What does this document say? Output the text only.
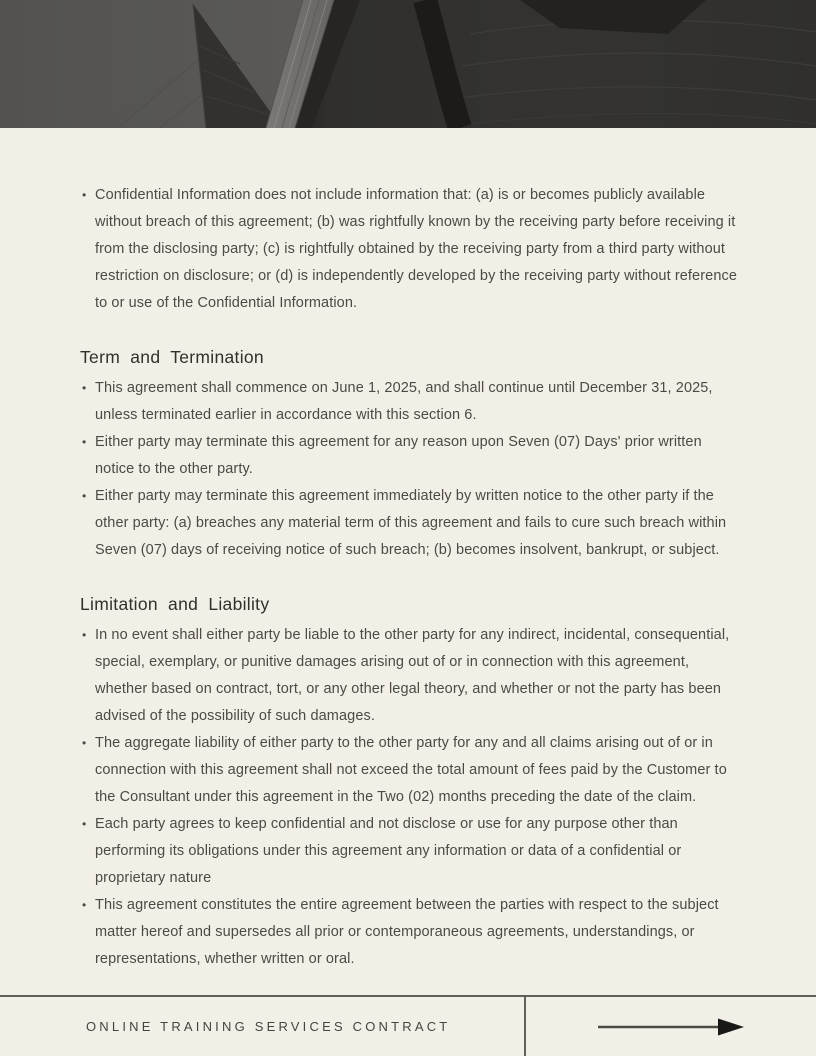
• Confidential Information does not include information that: (a) is or becomes publicly available without breach of this agreement; (b) was rightfully known by the receiving party before receiving it from the disclosing party; (c) is rightfully obtained by the receiving party from a third party without restriction on disclosure; or (d) is independently developed by the receiving party without reference to or use of the Confidential Information.
Term and Termination
• This agreement shall commence on June 1, 2025, and shall continue until December 31, 2025, unless terminated earlier in accordance with this section 6.
• Either party may terminate this agreement for any reason upon Seven (07) Days' prior written notice to the other party.
• Either party may terminate this agreement immediately by written notice to the other party if the other party: (a) breaches any material term of this agreement and fails to cure such breach within Seven (07) days of receiving notice of such breach; (b) becomes insolvent, bankrupt, or subject.
Limitation and Liability
• In no event shall either party be liable to the other party for any indirect, incidental, consequential, special, exemplary, or punitive damages arising out of or in connection with this agreement, whether based on contract, tort, or any other legal theory, and whether or not the party has been advised of the possibility of such damages.
• The aggregate liability of either party to the other party for any and all claims arising out of or in connection with this agreement shall not exceed the total amount of fees paid by the Customer to the Consultant under this agreement in the Two (02) months preceding the date of the claim.
• Each party agrees to keep confidential and not disclose or use for any purpose other than performing its obligations under this agreement any information or data of a confidential or proprietary nature
• This agreement constitutes the entire agreement between the parties with respect to the subject matter hereof and supersedes all prior or contemporaneous agreements, understandings, or representations, whether written or oral.
ONLINE TRAINING SERVICES CONTRACT
